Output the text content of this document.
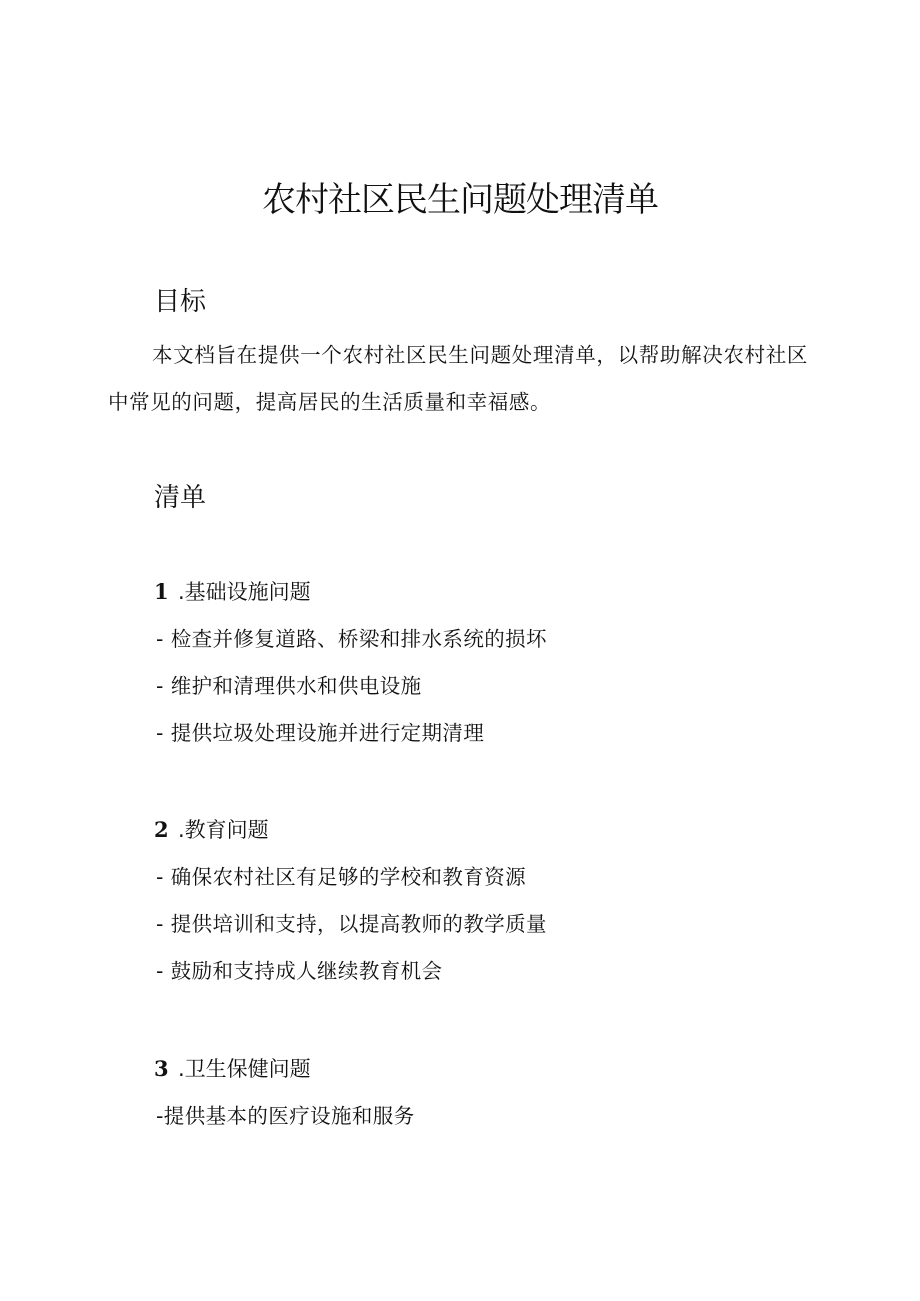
农村社区民生问题处理清单
目标

本文档旨在提供一个农村社区民生问题处理清单，以帮助解决农村社区中常见的问题，提高居民的生活质量和幸福感。

清单
1 .基础设施问题

- 检查并修复道路、桥梁和排水系统的损坏

- 维护和清理供水和供电设施

- 提供垃圾处理设施并进行定期清理

2 .教育问题

- 确保农村社区有足够的学校和教育资源

- 提供培训和支持，以提高教师的教学质量

- 鼓励和支持成人继续教育机会

3 .卫生保健问题

-提供基本的医疗设施和服务
